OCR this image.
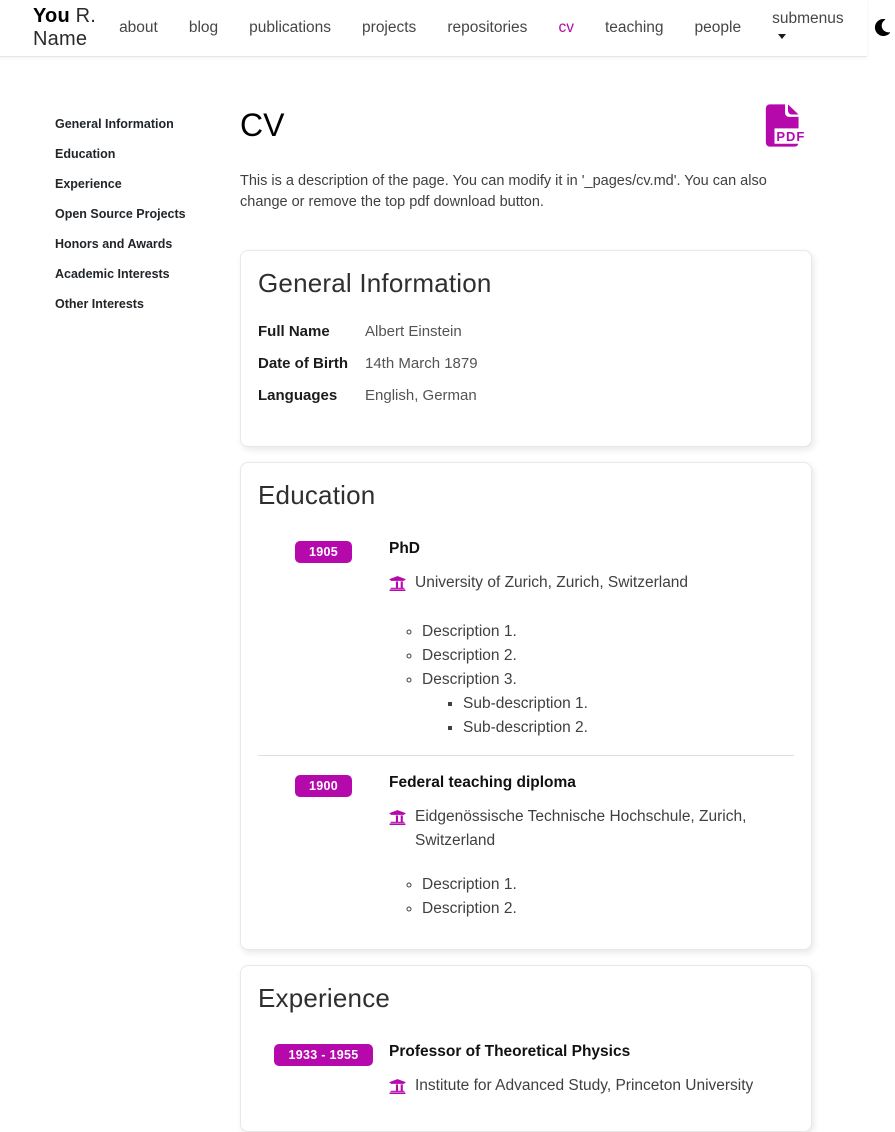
You R. Name
about	blog	publications	projects	repositories	cv	teaching	people
submenus
General Information
Education
Experience
Open Source Projects
Honors and Awards
Academic Interests
Other Interests
CV	PDF

This is a description of the page. You can modify it in '_pages/cv.md'. You can also change or remove the top pdf download button.

General Information
Full Name	Albert Einstein
Date of Birth	14th March 1879
Languages	English, German
Education
1905	PhD
University of Zurich, Zurich, Switzerland
◦ Description 1.
◦ Description 2.
◦ Description 3.
▪ Sub-description 1.
▪ Sub-description 2.
1900	Federal teaching diploma
Eidgenössische Technische Hochschule, Zurich, Switzerland
◦ Description 1.
◦ Description 2.
Experience
1933 - 1955	Professor of Theoretical Physics
Institute for Advanced Study, Princeton University
